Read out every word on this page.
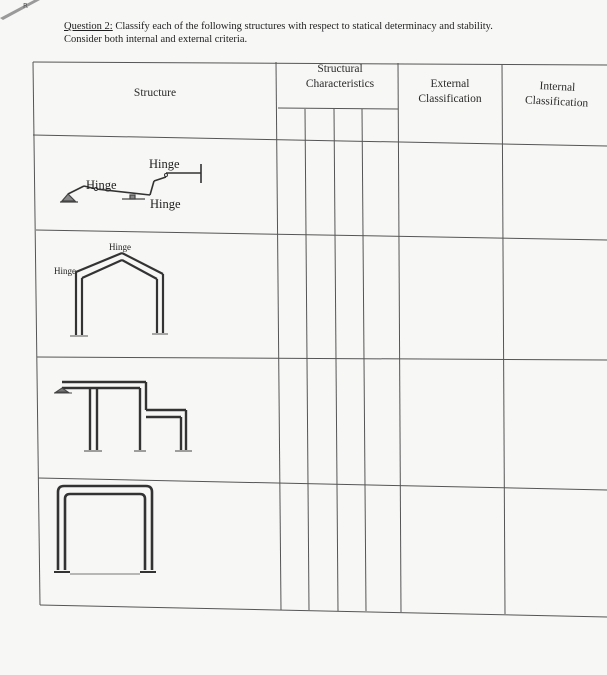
R
Question 2: Classify each of the following structures with respect to statical determinacy and stability.
Consider both internal and external criteria.
Hinge
Hinge
Hinge
Hinge
Hinge
Structure
Structural
Characteristics	External
Classification
Internal
Classification
